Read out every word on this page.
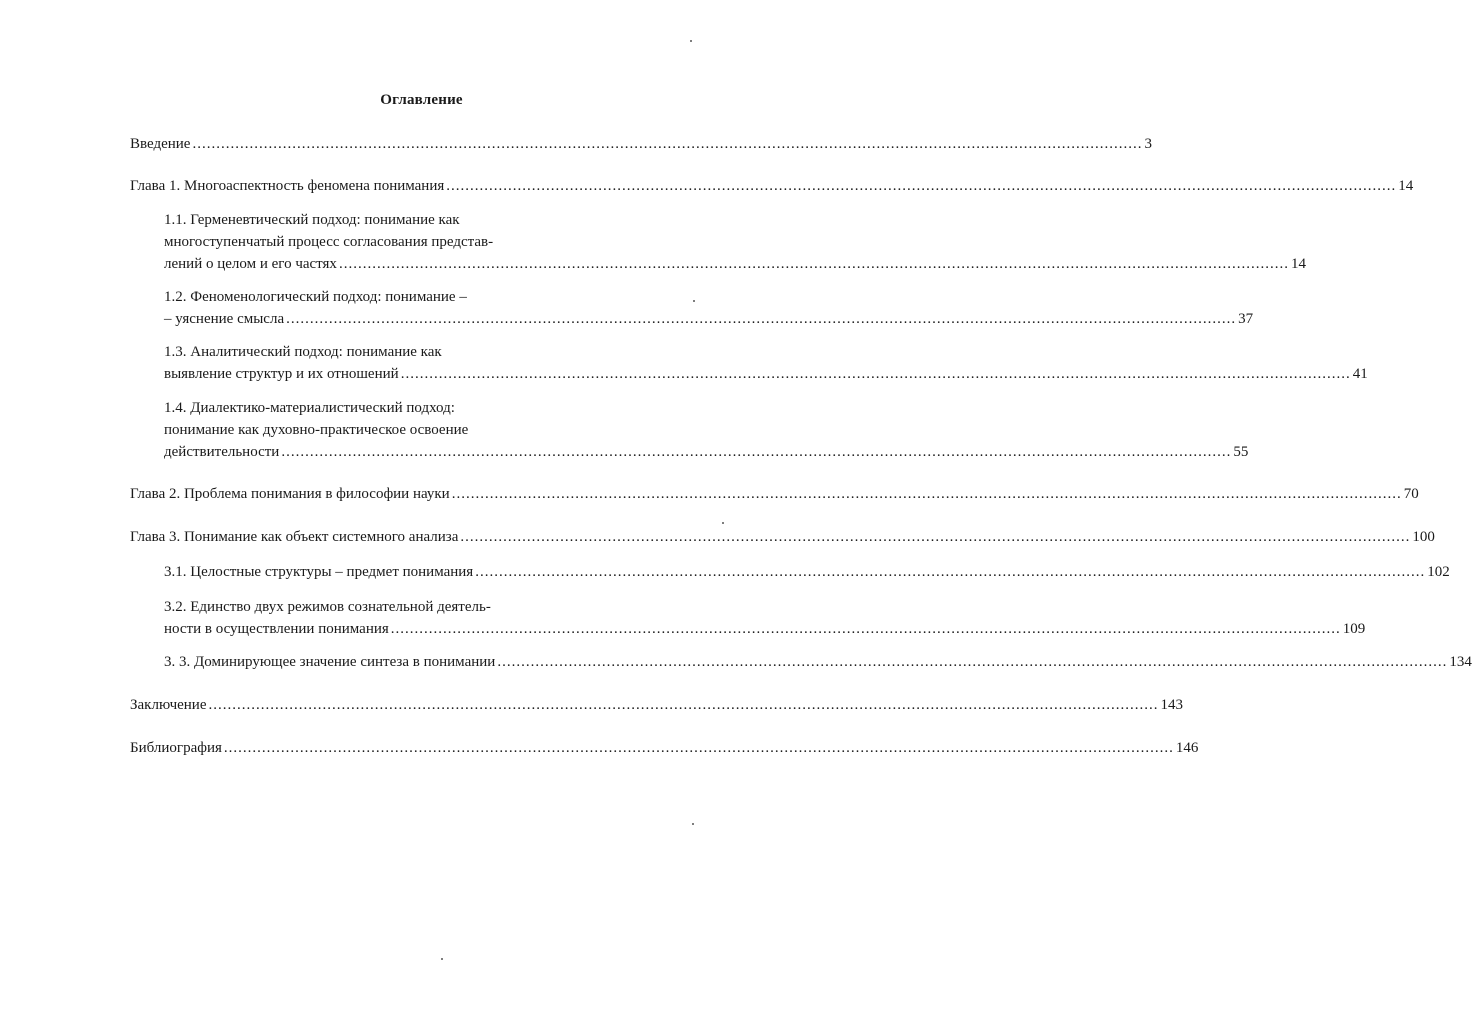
Оглавление
Введение ........................................................................................................................................................................................................ 3
Глава 1. Многоаспектность феномена понимания ........................................................................................................................................................................................................ 14
1.1. Герменевтический подход: понимание как
многоступенчатый процесс согласования представ-
лений о целом и его частях ........................................................................................................................................................................................................ 14
1.2. Феноменологический подход: понимание –
– уяснение смысла ........................................................................................................................................................................................................ 37
1.3. Аналитический подход: понимание как
выявление структур и их отношений ........................................................................................................................................................................................................ 41
1.4. Диалектико-материалистический подход:
понимание как духовно-практическое освоение
действительности ........................................................................................................................................................................................................ 55
Глава 2. Проблема понимания в философии науки ........................................................................................................................................................................................................ 70
Глава 3. Понимание как объект системного анализа ........................................................................................................................................................................................................ 100
3.1. Целостные структуры – предмет понимания ........................................................................................................................................................................................................ 102
3.2. Единство двух режимов сознательной деятель-
ности в осуществлении понимания ........................................................................................................................................................................................................ 109
3. 3. Доминирующее значение синтеза в понимании ........................................................................................................................................................................................................ 134
Заключение ........................................................................................................................................................................................................ 143
Библиография ........................................................................................................................................................................................................ 146
